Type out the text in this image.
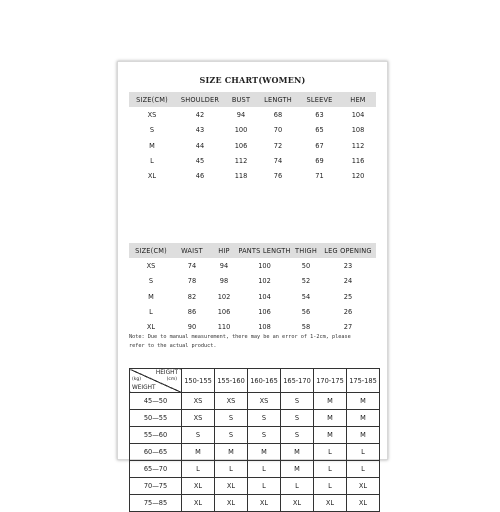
SIZE CHART(WOMEN)
SIZE(CM)	SHOULDER	BUST	LENGTH	SLEEVE	HEM
XS	42	94	68	63	104
S	43	100	70	65	108
M	44	106	72	67	112
L	45	112	74	69	116
XL	46	118	76	71	120
SIZE(CM)	WAIST	HIP	PANTS LENGTH	THIGH	LEG OPENING
XS	74	94	100	50	23
S	78	98	102	52	24
M	82	102	104	54	25
L	86	106	106	56	26
XL	90	110	108	58	27
Note: Due to manual measurement, there may be an error of 1-2cm, please
refer to the actual product.
HEIGHT
(cm)
(kg)
WEIGHT	150-155	155-160	160-165	165-170	170-175	175-185
45—50	XS	XS	XS	S	M	M
50—55	XS	S	S	S	M	M
55—60	S	S	S	S	M	M
60—65	M	M	M	M	L	L
65—70	L	L	L	M	L	L
70—75	XL	XL	L	L	L	XL
75—85	XL	XL	XL	XL	XL	XL
